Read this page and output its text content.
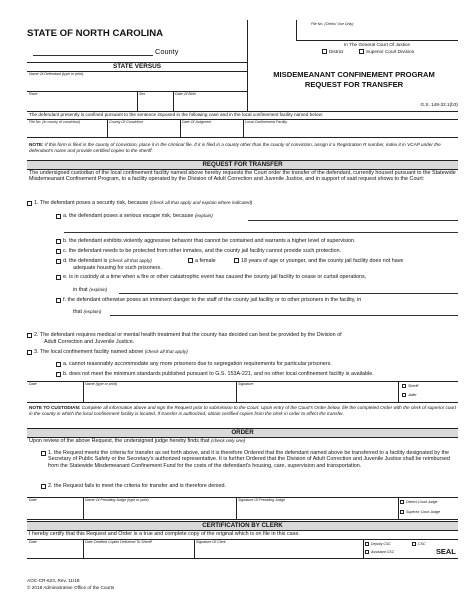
STATE OF NORTH CAROLINA
County
File No. (Clerks' Use Only)
In The General Court Of Justice
District	Superior Court Division
STATE VERSUS
Name Of Defendant (type or print)
Race	Sex	Date Of Birth
MISDEMEANANT CONFINEMENT PROGRAM
REQUEST FOR TRANSFER
G.S. 148-32.1(b3)
The defendant presently is confined pursuant to the sentence imposed in the following case and in the local confinement facility named below:
File No. (in county of conviction)	County Of Conviction	Date Of Judgment	Local Confinement Facility
NOTE: If this form is filed in the county of conviction, place it in the criminal file. If it is filed in a county other than the county of conviction, assign it a Registration R number, index it in VCAP under the defendant's name and provide certified copies to the sheriff.
REQUEST FOR TRANSFER
The undersigned custodian of the local confinement facility named above hereby requests the Court order the transfer of the defendant, currently housed pursuant to the Statewide Misdemeanant Confinement Program, to a facility operated by the Division of Adult Correction and Juvenile Justice, and in support of said request shows to the Court:
1. The defendant poses a security risk, because (check all that apply and explain where indicated)
a. the defendant poses a serious escape risk, because (explain)
b. the defendant exhibits violently aggressive behavior that cannot be contained and warrants a higher level of supervision.
c. the defendant needs to be protected from other inmates, and the county jail facility cannot provide such protection.
d. the defendant is (check all that apply)	a female	18 years of age or younger, and the county jail facility does not have
adequate housing for such prisoners.
e. is in custody at a time when a fire or other catastrophic event has caused the county jail facility to cease or curtail operations,
in that (explain)
f. the defendant otherwise poses an imminent danger to the staff of the county jail facility or to other prisoners in the facility, in
that (explain)
2. The defendant requires medical or mental health treatment that the county has decided can best be provided by the Division of
Adult Correction and Juvenile Justice.
3. The local confinement facility named above (check all that apply)
a. cannot reasonably accommodate any more prisoners due to segregation requirements for particular prisoners.
b. does not meet the minimum standards published pursuant to G.S. 153A-221, and no other local confinement facility is available.
Date	Name (type or print)	Signature
Sheriff
Jailer
NOTE TO CUSTODIAN: Complete all information above and sign the Request prior to submission to the Court. Upon entry of the Court's Order below, file the completed Order with the clerk of superior court in the county in which the local confinement facility is located. If transfer is authorized, obtain certified copies from the clerk in order to effect the transfer.
ORDER
Upon review of the above Request, the undersigned judge hereby finds that (check only one)
1. the Request meets the criteria for transfer as set forth above, and it is therefore Ordered that the defendant named above be transferred to a facility designated by the Secretary of Public Safety or the Secretary's authorized representative. It is further Ordered that the Division of Adult Correction and Juvenile Justice shall be reimbursed from the Statewide Misdemeanant Confinement Fund for the costs of the defendant's housing, care, supervision and transportation.
2. the Request fails to meet the criteria for transfer and is therefore denied.
Date	Name Of Presiding Judge (type or print)	Signature Of Presiding Judge
District Court Judge
Superior Court Judge
CERTIFICATION BY CLERK
I hereby certify that this Request and Order is a true and complete copy of the original which is on file in this case.
Date	Date Certified Copies Delivered To Sheriff	Signature Of Clerk
Deputy CSC
Assistant CSC
CSC
SEAL
AOC-CR-623, Rev. 11/18
© 2018 Administrative Office of the Courts
